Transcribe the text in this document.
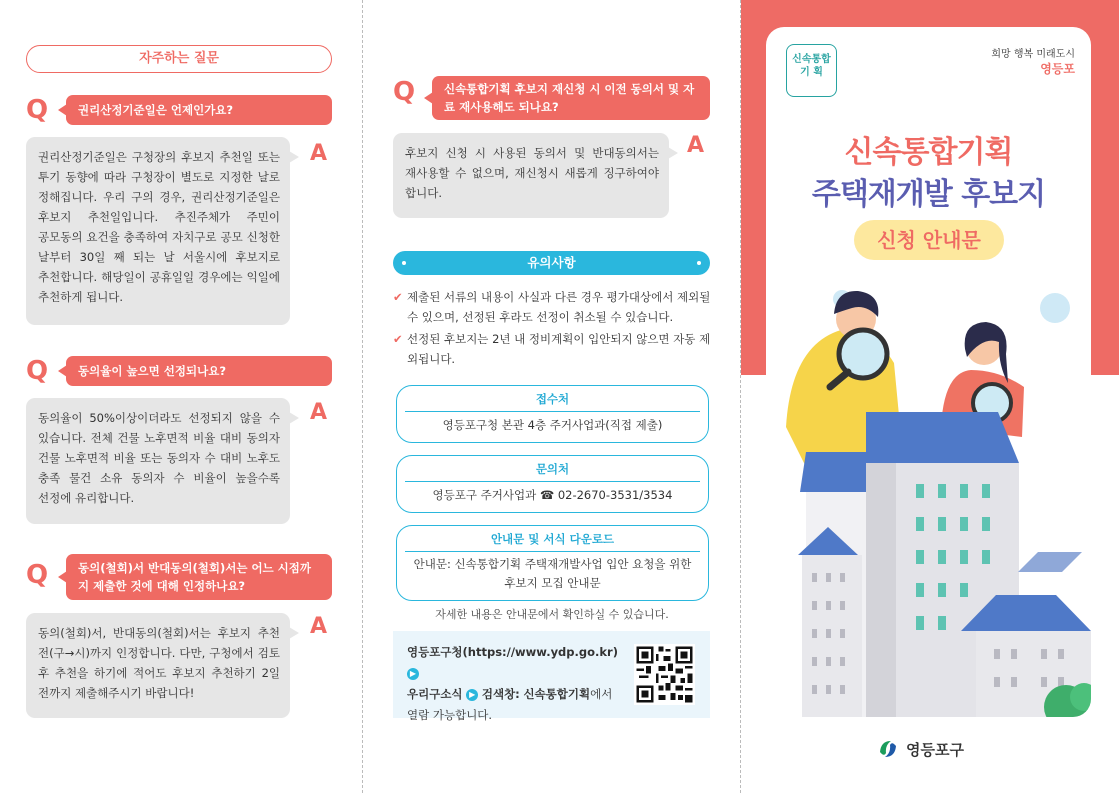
자주하는 질문
Q	권리산정기준일은 언제인가요?
권리산정기준일은 구청장의 후보지 추천일 또는 투기 동향에 따라 구청장이 별도로 지정한 날로 정해집니다. 우리 구의 경우, 권리산정기준일은 후보지 추천일입니다. 추진주체가 주민이 공모동의 요건을 충족하여 자치구로 공모 신청한 날부터 30일 째 되는 날 서울시에 후보지로 추천합니다. 해당일이 공휴일일 경우에는 익일에 추천하게 됩니다.
A
Q	동의율이 높으면 선정되나요?
동의율이 50%이상이더라도 선정되지 않을 수 있습니다. 전체 건물 노후면적 비율 대비 동의자 건물 노후면적 비율 또는 동의자 수 대비 노후도 충족 물건 소유 동의자 수 비율이 높을수록 선정에 유리합니다.
A
Q	동의(철회)서 반대동의(철회)서는 어느 시점까지 제출한 것에 대해 인정하나요?
동의(철회)서, 반대동의(철회)서는 후보지 추천 전(구→시)까지 인정합니다. 다만, 구청에서 검토 후 추천을 하기에 적어도 후보지 추천하기 2일 전까지 제출해주시기 바랍니다!
A
Q	신속통합기획 후보지 재신청 시 이전 동의서 및 자료 재사용해도 되나요?
후보지 신청 시 사용된 동의서 및 반대동의서는 재사용할 수 없으며, 재신청시 새롭게 징구하여야 합니다.
A
유의사항
✔ 제출된 서류의 내용이 사실과 다른 경우 평가대상에서 제외될 수 있으며, 선정된 후라도 선정이 취소될 수 있습니다.
✔ 선정된 후보지는 2년 내 정비계획이 입안되지 않으면 자동 제외됩니다.
접수처
영등포구청 본관 4층 주거사업과(직접 제출)
문의처
영등포구 주거사업과 ☎ 02-2670-3531/3534
안내문 및 서식 다운로드
안내문: 신속통합기획 주택재개발사업 입안 요청을 위한 후보지 모집 안내문
자세한 내용은 안내문에서 확인하실 수 있습니다.
영등포구청(https://www.ydp.go.kr) ▶
우리구소식 ▶ 검색창: 신속통합기획에서
열람 가능합니다.
신속통합
기 획
희망 행복 미래도시
영등포
신속통합기획
주택재개발 후보지
신청 안내문
영등포구
